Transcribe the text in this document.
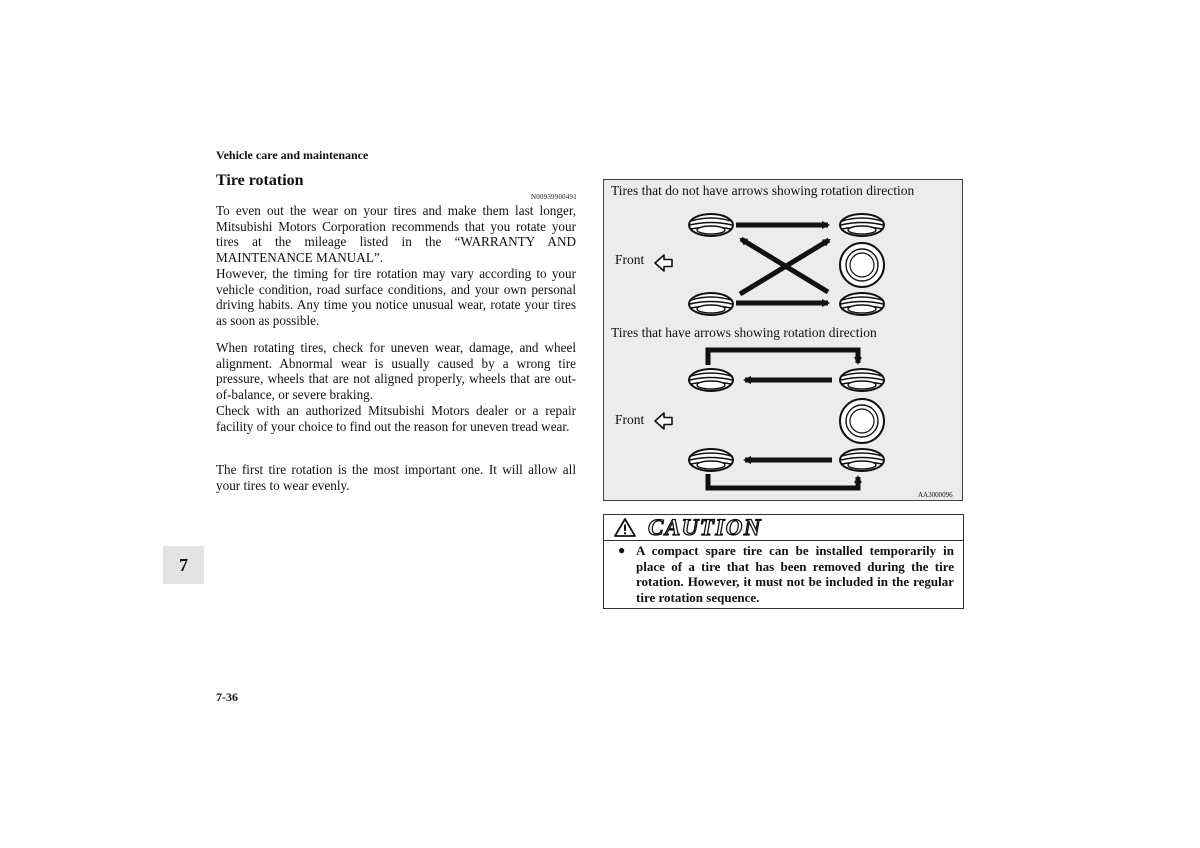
Vehicle care and maintenance
Tire rotation
N00939900491

To even out the wear on your tires and make them last longer, Mitsubishi Motors Corporation recommends that you rotate your tires at the mileage listed in the “WARRANTY AND MAINTENANCE MANUAL”.

However, the timing for tire rotation may vary according to your vehicle condition, road surface conditions, and your own personal driving habits. Any time you notice unusual wear, rotate your tires as soon as possible.

When rotating tires, check for uneven wear, damage, and wheel alignment. Abnormal wear is usually caused by a wrong tire pressure, wheels that are not aligned properly, wheels that are out-of-balance, or severe braking.

Check with an authorized Mitsubishi Motors dealer or a repair facility of your choice to find out the reason for uneven tread wear.

The first tire rotation is the most important one. It will allow all your tires to wear evenly.

7
7-36
Tires that do not have arrows showing rotation direction
Front
Tires that have arrows showing rotation direction
Front
AA3000096
CAUTION
● A compact spare tire can be installed temporarily in place of a tire that has been removed during the tire rotation. However, it must not be included in the regular tire rotation sequence.
